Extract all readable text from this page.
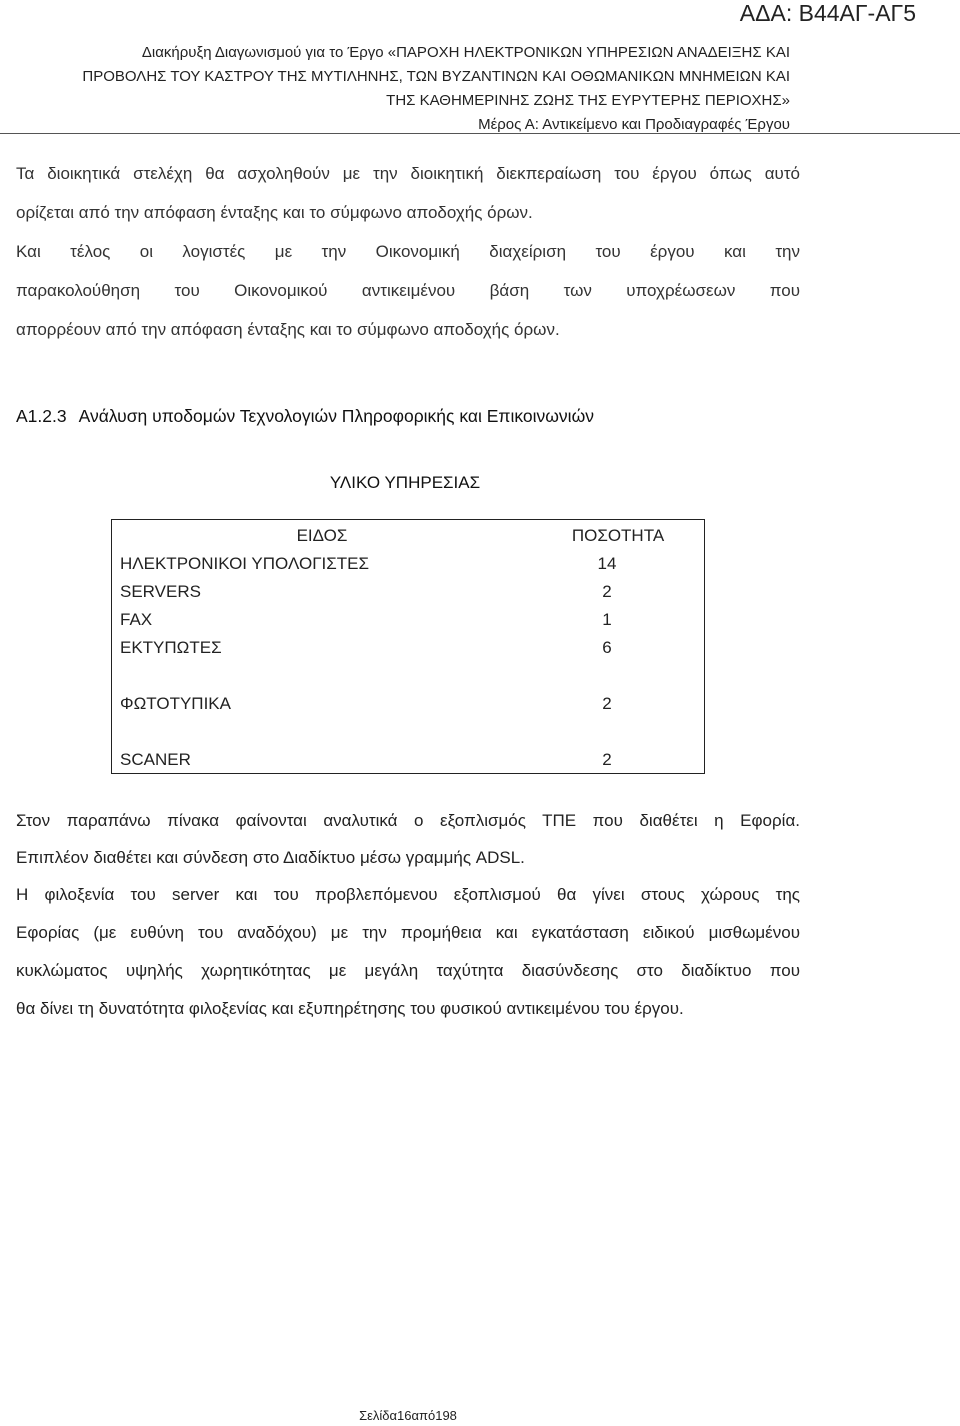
ΑΔΑ: Β44ΑΓ-ΑΓ5
Διακήρυξη Διαγωνισμού για το Έργο «ΠΑΡΟΧΗ ΗΛΕΚΤΡΟΝΙΚΩΝ ΥΠΗΡΕΣΙΩΝ ΑΝΑΔΕΙΞΗΣ ΚΑΙ
ΠΡΟΒΟΛΗΣ ΤΟΥ ΚΑΣΤΡΟΥ ΤΗΣ ΜΥΤΙΛΗΝΗΣ, ΤΩΝ ΒΥΖΑΝΤΙΝΩΝ ΚΑΙ ΟΘΩΜΑΝΙΚΩΝ ΜΝΗΜΕΙΩΝ ΚΑΙ
ΤΗΣ ΚΑΘΗΜΕΡΙΝΗΣ ΖΩΗΣ ΤΗΣ ΕΥΡΥΤΕΡΗΣ ΠΕΡΙΟΧΗΣ»
Μέρος Α: Αντικείμενο και Προδιαγραφές Έργου

Τα διοικητικά στελέχη θα ασχοληθούν με την διοικητική διεκπεραίωση του έργου όπως αυτό

ορίζεται από την απόφαση ένταξης και το σύμφωνο αποδοχής όρων.

Και τέλος οι λογιστές με την Οικονομική διαχείριση του έργου και την

παρακολούθηση του Οικονομικού αντικειμένου βάση των υποχρέωσεων που

απορρέουν από την απόφαση ένταξης και το σύμφωνο αποδοχής όρων.

Α1.2.3 Ανάλυση υποδομών Τεχνολογιών Πληροφορικής και Επικοινωνιών
ΥΛΙΚΟ ΥΠΗΡΕΣΙΑΣ
ΕΙΔΟΣ	ΠΟΣΟΤΗΤΑ
ΗΛΕΚΤΡΟΝΙΚΟΙ ΥΠΟΛΟΓΙΣΤΕΣ	14
SERVERS	2
FAX	1
ΕΚΤΥΠΩΤΕΣ	6
ΦΩΤΟΤΥΠΙΚΑ	2
SCANER	2

Στον παραπάνω πίνακα φαίνονται αναλυτικά ο εξοπλισμός ΤΠΕ που διαθέτει η Εφορία.

Επιπλέον διαθέτει και σύνδεση στο Διαδίκτυο μέσω γραμμής ADSL.

Η φιλοξενία του server και του προβλεπόμενου εξοπλισμού θα γίνει στους χώρους της

Εφορίας (με ευθύνη του αναδόχου) με την προμήθεια και εγκατάσταση ειδικού μισθωμένου

κυκλώματος υψηλής χωρητικότητας με μεγάλη ταχύτητα διασύνδεσης στο διαδίκτυο που

θα δίνει τη δυνατότητα φιλοξενίας και εξυπηρέτησης του φυσικού αντικειμένου του έργου.

Σελίδα16από198
